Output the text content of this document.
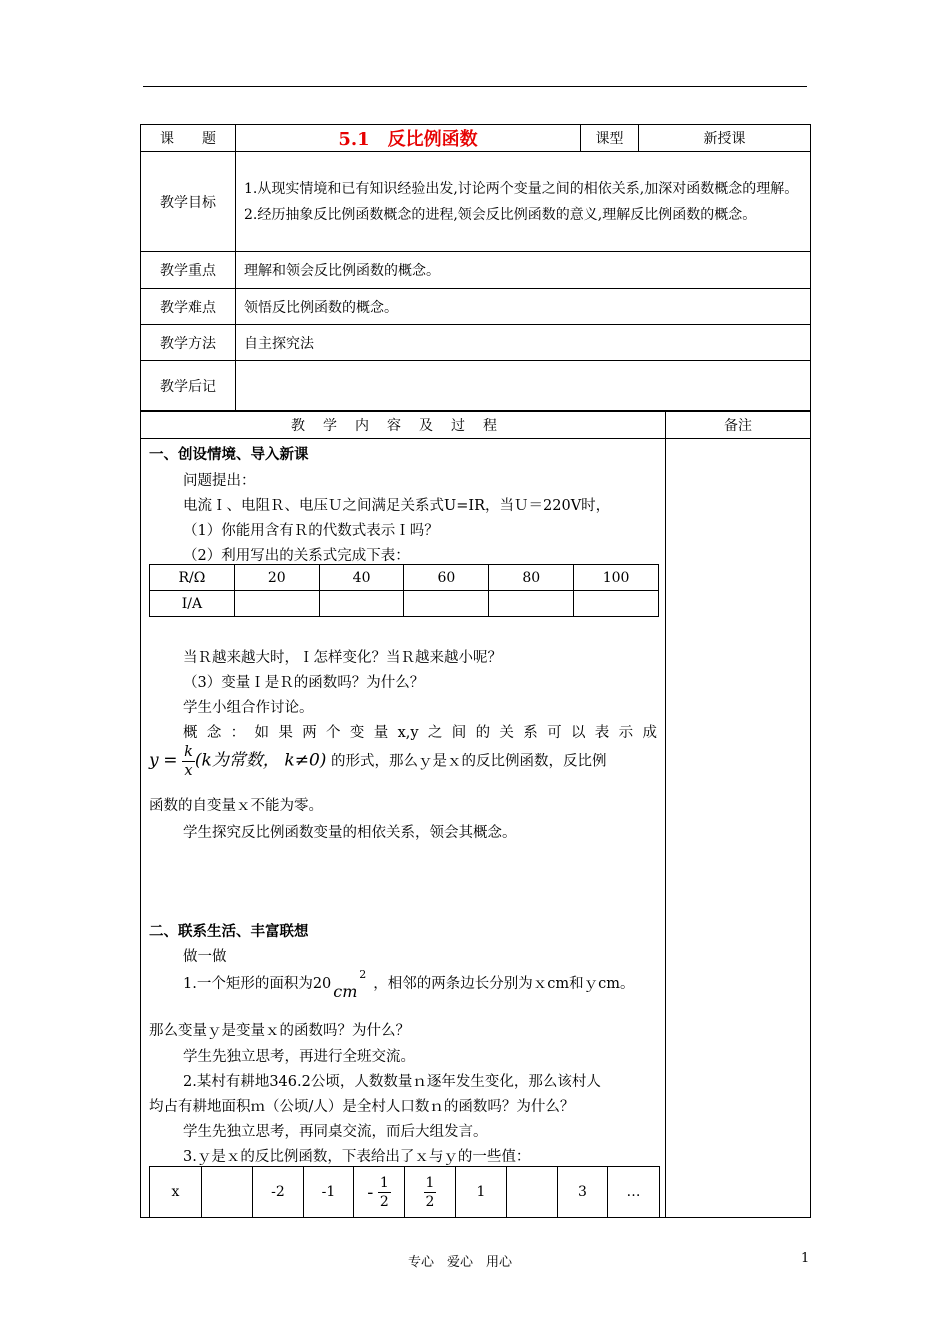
课　　题	5.1　反比例函数	课型	新授课
教学目标	1.从现实情境和已有知识经验出发,讨论两个变量之间的相依关系,加深对函数概念的理解。
2.经历抽象反比例函数概念的进程,领会反比例函数的意义,理解反比例函数的概念。		

教学重点	理解和领会反比例函数的概念。		
教学难点	领悟反比例函数的概念。		
教学方法	自主探究法		
教学后记			
教学内容及过程	备注

一、创设情境、导入新课
问题提出：
电流Ｉ、电阻Ｒ、电压Ｕ之间满足关系式U=IR，当Ｕ＝220V时，
（1）你能用含有Ｒ的代数式表示Ｉ吗？
（2）利用写出的关系式完成下表：
R/Ω	20	40	60	80	100
I/A					
当Ｒ越来越大时，Ｉ怎样变化？当Ｒ越来越小呢？
（3）变量Ｉ是Ｒ的函数吗？为什么？
学生小组合作讨论。
概念：如果两个变量x,y之间的关系可以表示成
$y = \frac{k}{x} (k$为常数， k≠0) 的形式，那么ｙ是ｘ的反比例函数，反比例
函数的自变量ｘ不能为零。
学生探究反比例函数变量的相依关系，领会其概念。
二、联系生活、丰富联想
做一做
1.一个矩形的面积为20 cm
2
，相邻的两条边长分别为ｘcm和ｙcm。
那么变量ｙ是变量ｘ的函数吗？为什么？
学生先独立思考，再进行全班交流。
2.某村有耕地346.2公顷，人数数量ｎ逐年发生变化，那么该村人
均占有耕地面积ｍ（公顷/人）是全村人口数ｎ的函数吗？为什么？
学生先独立思考，再同桌交流，而后大组发言。
3.ｙ是ｘ的反比例函数，下表给出了ｘ与ｙ的一些值：
x		-2	-1	- $\frac{1}{2}$	$\frac{1}{2}$	1		3	…

专心　爱心　用心	1
